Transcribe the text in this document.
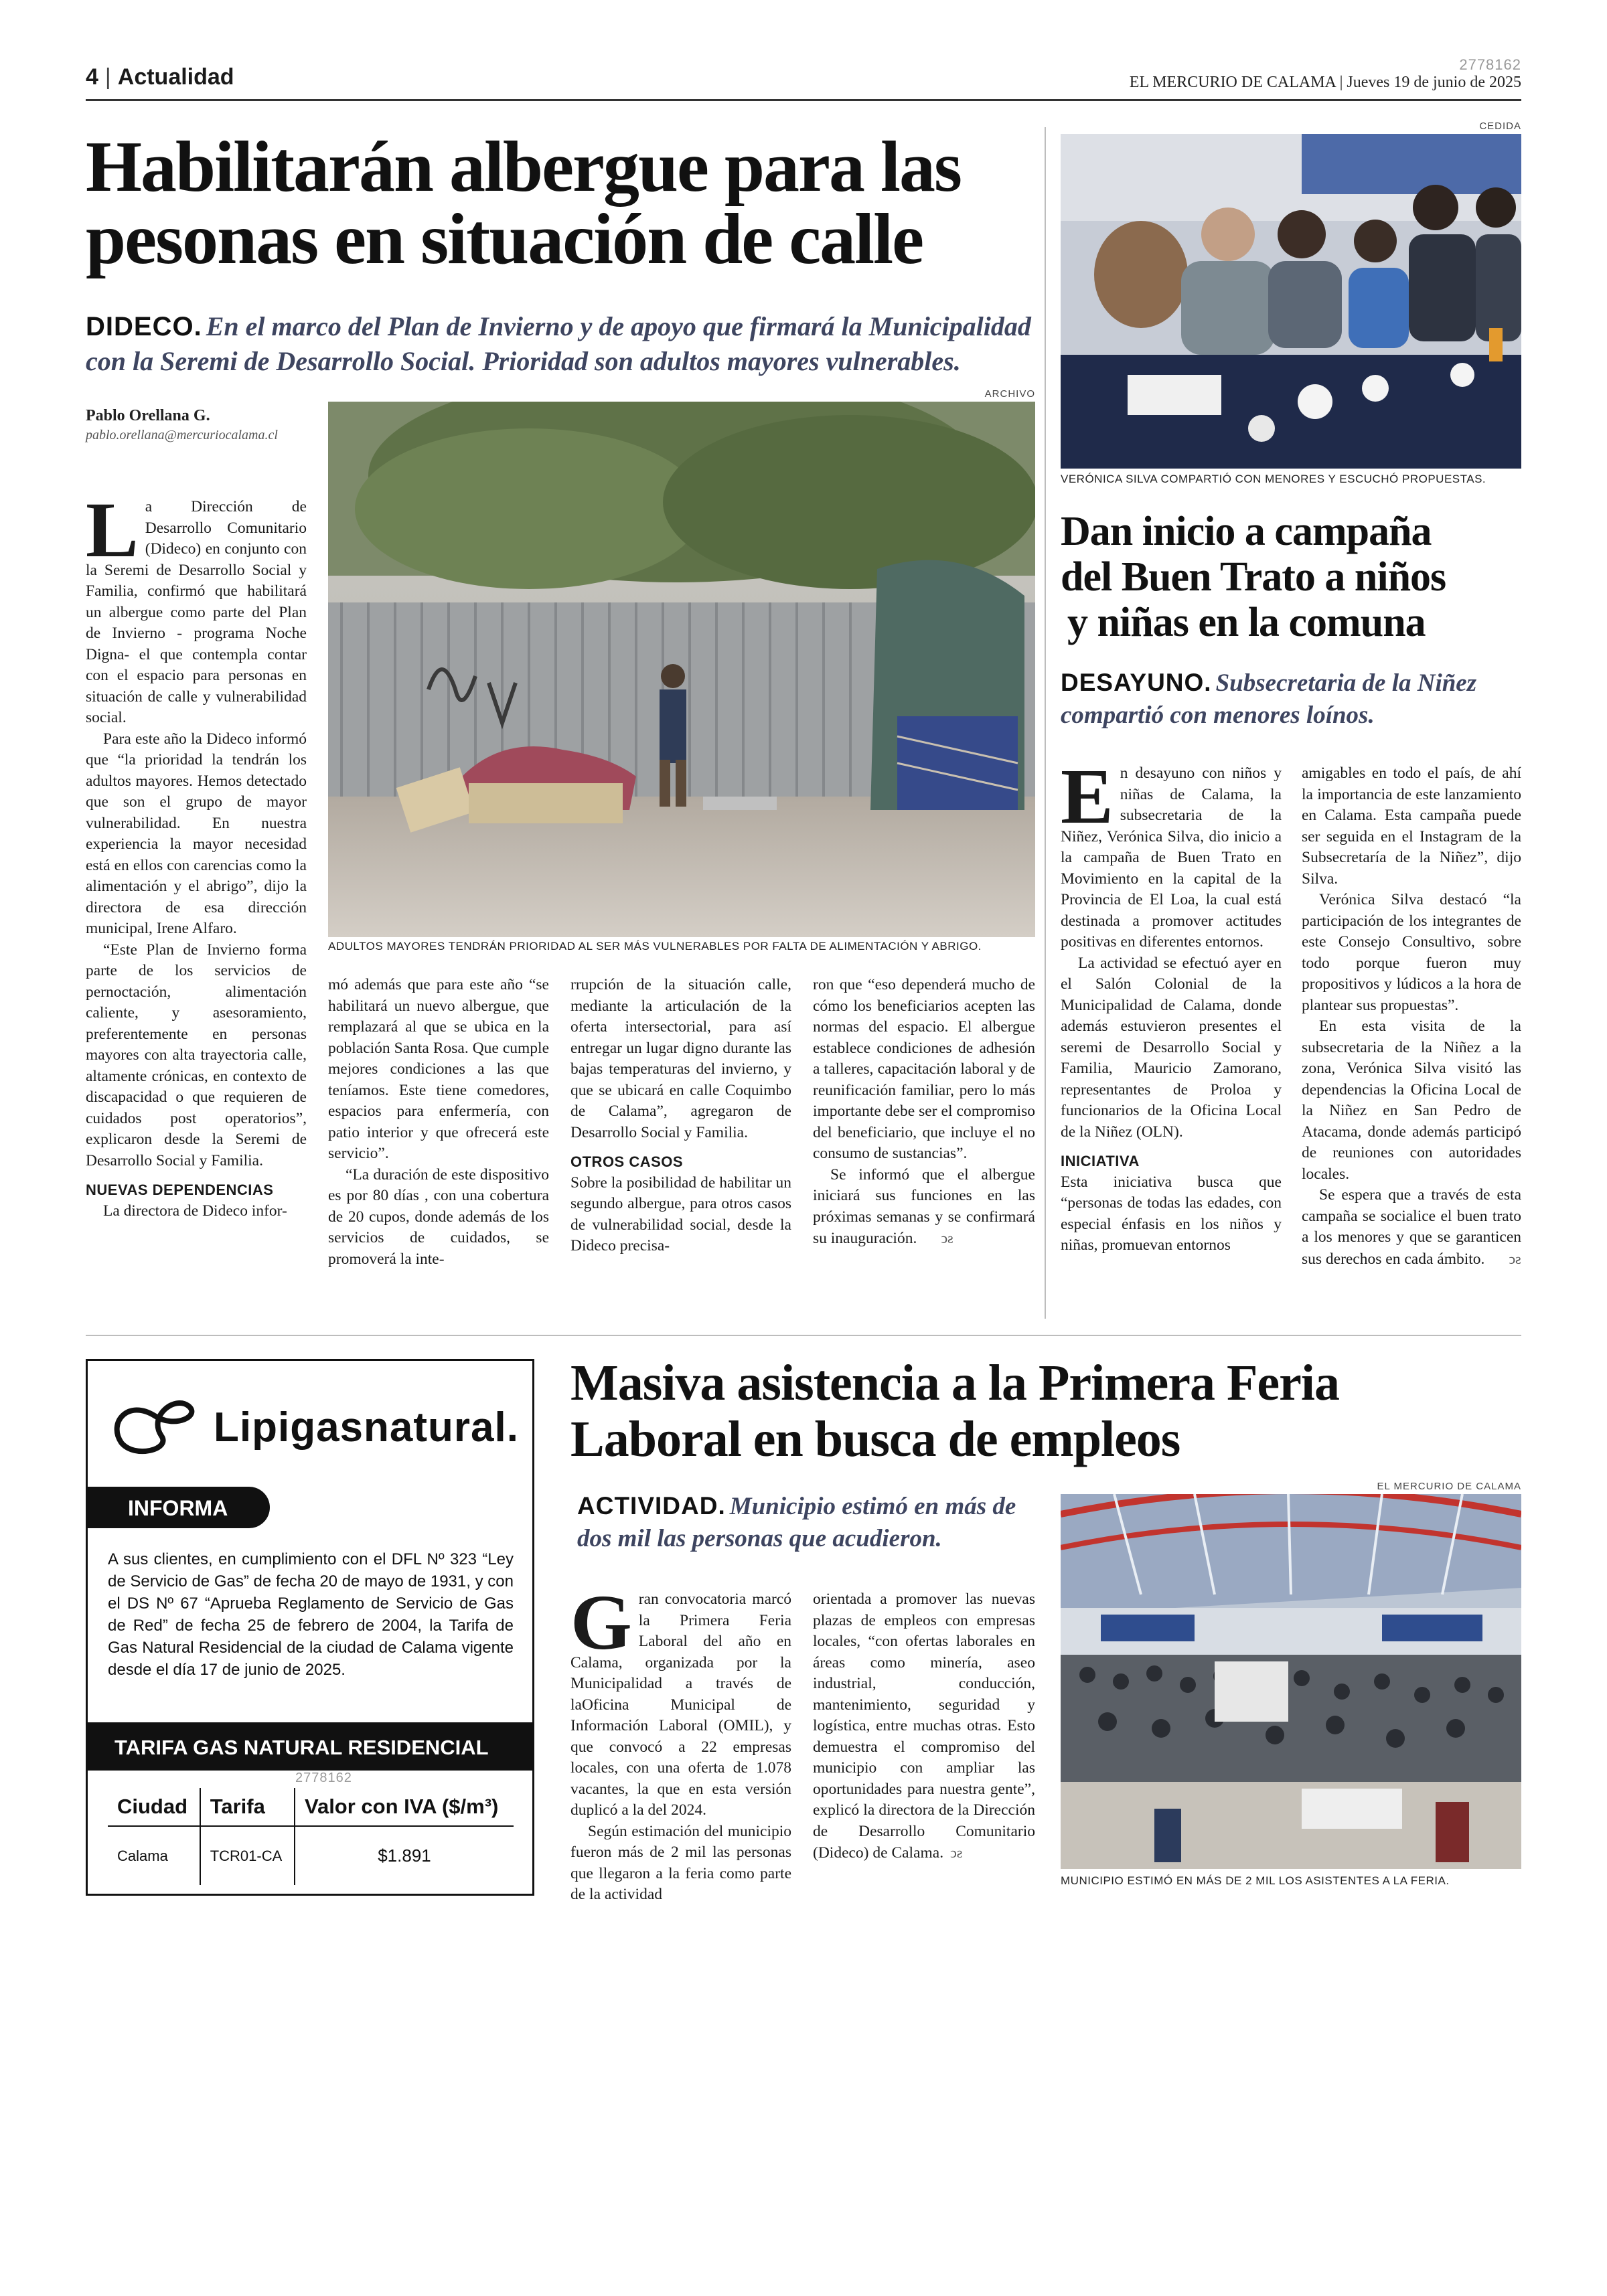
4 | Actualidad	2778162
EL MERCURIO DE CALAMA | Jueves 19 de junio de 2025
Habilitarán albergue para las
pesonas en situación de calle
DIDECO. En el marco del Plan de Invierno y de apoyo que firmará la Municipalidad
con la Seremi de Desarrollo Social. Prioridad son adultos mayores vulnerables.
Pablo Orellana G.
pablo.orellana@mercuriocalama.cl
ARCHIVO
ADULTOS MAYORES TENDRÁN PRIORIDAD AL SER MÁS VULNERABLES POR FALTA DE ALIMENTACIÓN Y ABRIGO.

La Dirección de Desarrollo Comunitario (Dideco) en conjunto con la Seremi de Desarrollo Social y Familia, confirmó que habilitará un albergue como parte del Plan de Invierno - programa Noche Digna- el que contempla contar con el espacio para personas en situación de calle y vulnerabilidad social.

Para este año la Dideco informó que “la prioridad la tendrán los adultos mayores. Hemos detectado que son el grupo de mayor vulnerabilidad. En nuestra experiencia la mayor necesidad está en ellos con carencias como la alimentación y el abrigo”, dijo la directora de esa dirección municipal, Irene Alfaro.

“Este Plan de Invierno forma parte de los servicios de pernoctación, alimentación caliente, y asesoramiento, preferentemente en personas mayores con alta trayectoria calle, altamente crónicas, en contexto de discapacidad o que requieren de cuidados post operatorios”, explicaron desde la Seremi de Desarrollo Social y Familia.

NUEVAS DEPENDENCIAS

La directora de Dideco infor-

mó además que para este año “se habilitará un nuevo albergue, que remplazará al que se ubica en la población Santa Rosa. Que cumple mejores condiciones a las que teníamos. Este tiene comedores, espacios para enfermería, con patio interior y que ofrecerá este servicio”.

“La duración de este dispositivo es por 80 días , con una cobertura de 20 cupos, donde además de los servicios de cuidados, se promoverá la inte-

rrupción de la situación calle, mediante la articulación de la oferta intersectorial, para así entregar un lugar digno durante las bajas temperaturas del invierno, y que se ubicará en calle Coquimbo de Calama”, agregaron de Desarrollo Social y Familia.

OTROS CASOS

Sobre la posibilidad de habilitar un segundo albergue, para otros casos de vulnerabilidad social, desde la Dideco precisa-

ron que “eso dependerá mucho de cómo los beneficiarios acepten las normas del espacio. El albergue establece condiciones de adhesión a talleres, capacitación laboral y de reunificación familiar, pero lo más importante debe ser el compromiso del beneficiario, que incluye el no consumo de sustancias”.

Se informó que el albergue iniciará sus funciones en las próximas semanas y se confirmará su inauguración. ↄƨ

CEDIDA
VERÓNICA SILVA COMPARTIÓ CON MENORES Y ESCUCHÓ PROPUESTAS.
Dan inicio a campaña
del Buen Trato a niños
y niñas en la comuna
DESAYUNO. Subsecretaria de la Niñez
compartió con menores loínos.

En desayuno con niños y niñas de Calama, la subsecretaria de la Niñez, Verónica Silva, dio inicio a la campaña de Buen Trato en Movimiento en la capital de la Provincia de El Loa, la cual está destinada a promover actitudes positivas en diferentes entornos.

La actividad se efectuó ayer en el Salón Colonial de la Municipalidad de Calama, donde además estuvieron presentes el seremi de Desarrollo Social y Familia, Mauricio Zamorano, representantes de Proloa y funcionarios de la Oficina Local de la Niñez (OLN).

INICIATIVA

Esta iniciativa busca que “personas de todas las edades, con especial énfasis en los niños y niñas, promuevan entornos

amigables en todo el país, de ahí la importancia de este lanzamiento en Calama. Esta campaña puede ser seguida en el Instagram de la Subsecretaría de la Niñez”, dijo Silva.

Verónica Silva destacó “la participación de los integrantes de este Consejo Consultivo, sobre todo porque fueron muy propositivos y lúdicos a la hora de plantear sus propuestas”.

En esta visita de la subsecretaria de la Niñez a la zona, Verónica Silva visitó las dependencias la Oficina Local de la Niñez en San Pedro de Atacama, donde además participó de reuniones con autoridades locales.

Se espera que a través de esta campaña se socialice el buen trato a los menores y que se garanticen sus derechos en cada ámbito. ↄƨ

Lipigasnatural.
INFORMA
A sus clientes, en cumplimiento con el DFL Nº 323 “Ley de Servicio de Gas” de fecha 20 de mayo de 1931, y con el DS Nº 67 “Aprueba Reglamento de Servicio de Gas de Red” de fecha 25 de febrero de 2004, la Tarifa de Gas Natural Residencial de la ciudad de Calama vigente desde el día 17 de junio de 2025.
TARIFA GAS NATURAL RESIDENCIAL
2778162
Ciudad	Tarifa	Valor con IVA ($/m³)
Calama	TCR01-CA	$1.891
Masiva asistencia a la Primera Feria
Laboral en busca de empleos
ACTIVIDAD. Municipio estimó en más de
dos mil las personas que acudieron.

Gran convocatoria marcó la Primera Feria Laboral del año en Calama, organizada por la Municipalidad a través de laOficina Municipal de Información Laboral (OMIL), y que convocó a 22 empresas locales, con una oferta de 1.078 vacantes, la que en esta versión duplicó a la del 2024.

Según estimación del municipio fueron más de 2 mil las personas que llegaron a la feria como parte de la actividad

orientada a promover las nuevas plazas de empleos con empresas locales, “con ofertas laborales en áreas como minería, aseo industrial, conducción, mantenimiento, seguridad y logística, entre muchas otras. Esto demuestra el compromiso del municipio con ampliar las oportunidades para nuestra gente”, explicó la directora de la Dirección de Desarrollo Comunitario (Dideco) de Calama. ↄƨ

EL MERCURIO DE CALAMA
MUNICIPIO ESTIMÓ EN MÁS DE 2 MIL LOS ASISTENTES A LA FERIA.
